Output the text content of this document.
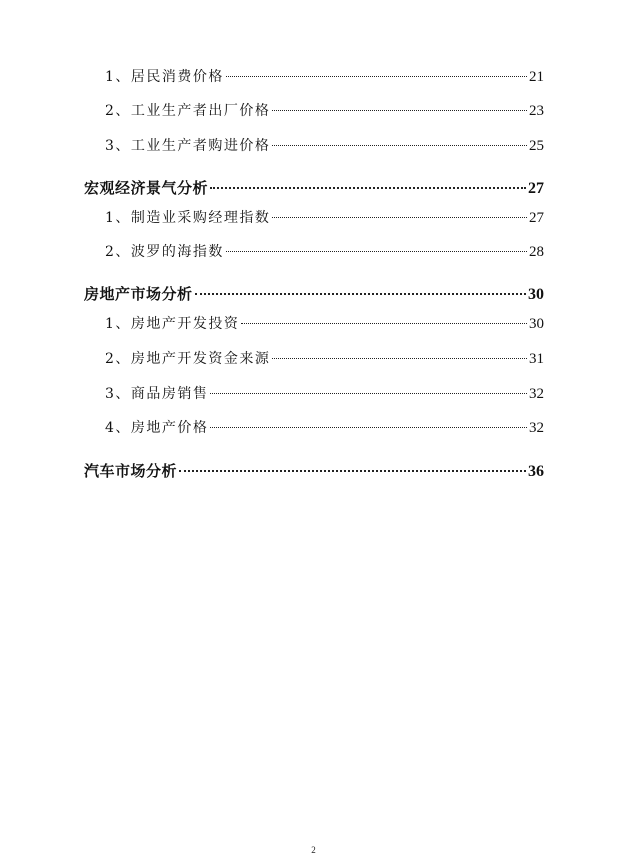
1、居民消费价格	21
2、工业生产者出厂价格	23
3、工业生产者购进价格	25
宏观经济景气分析	27
1、制造业采购经理指数	27
2、波罗的海指数	28
房地产市场分析	30
1、房地产开发投资	30
2、房地产开发资金来源	31
3、商品房销售	32
4、房地产价格	32
汽车市场分析	36
2
